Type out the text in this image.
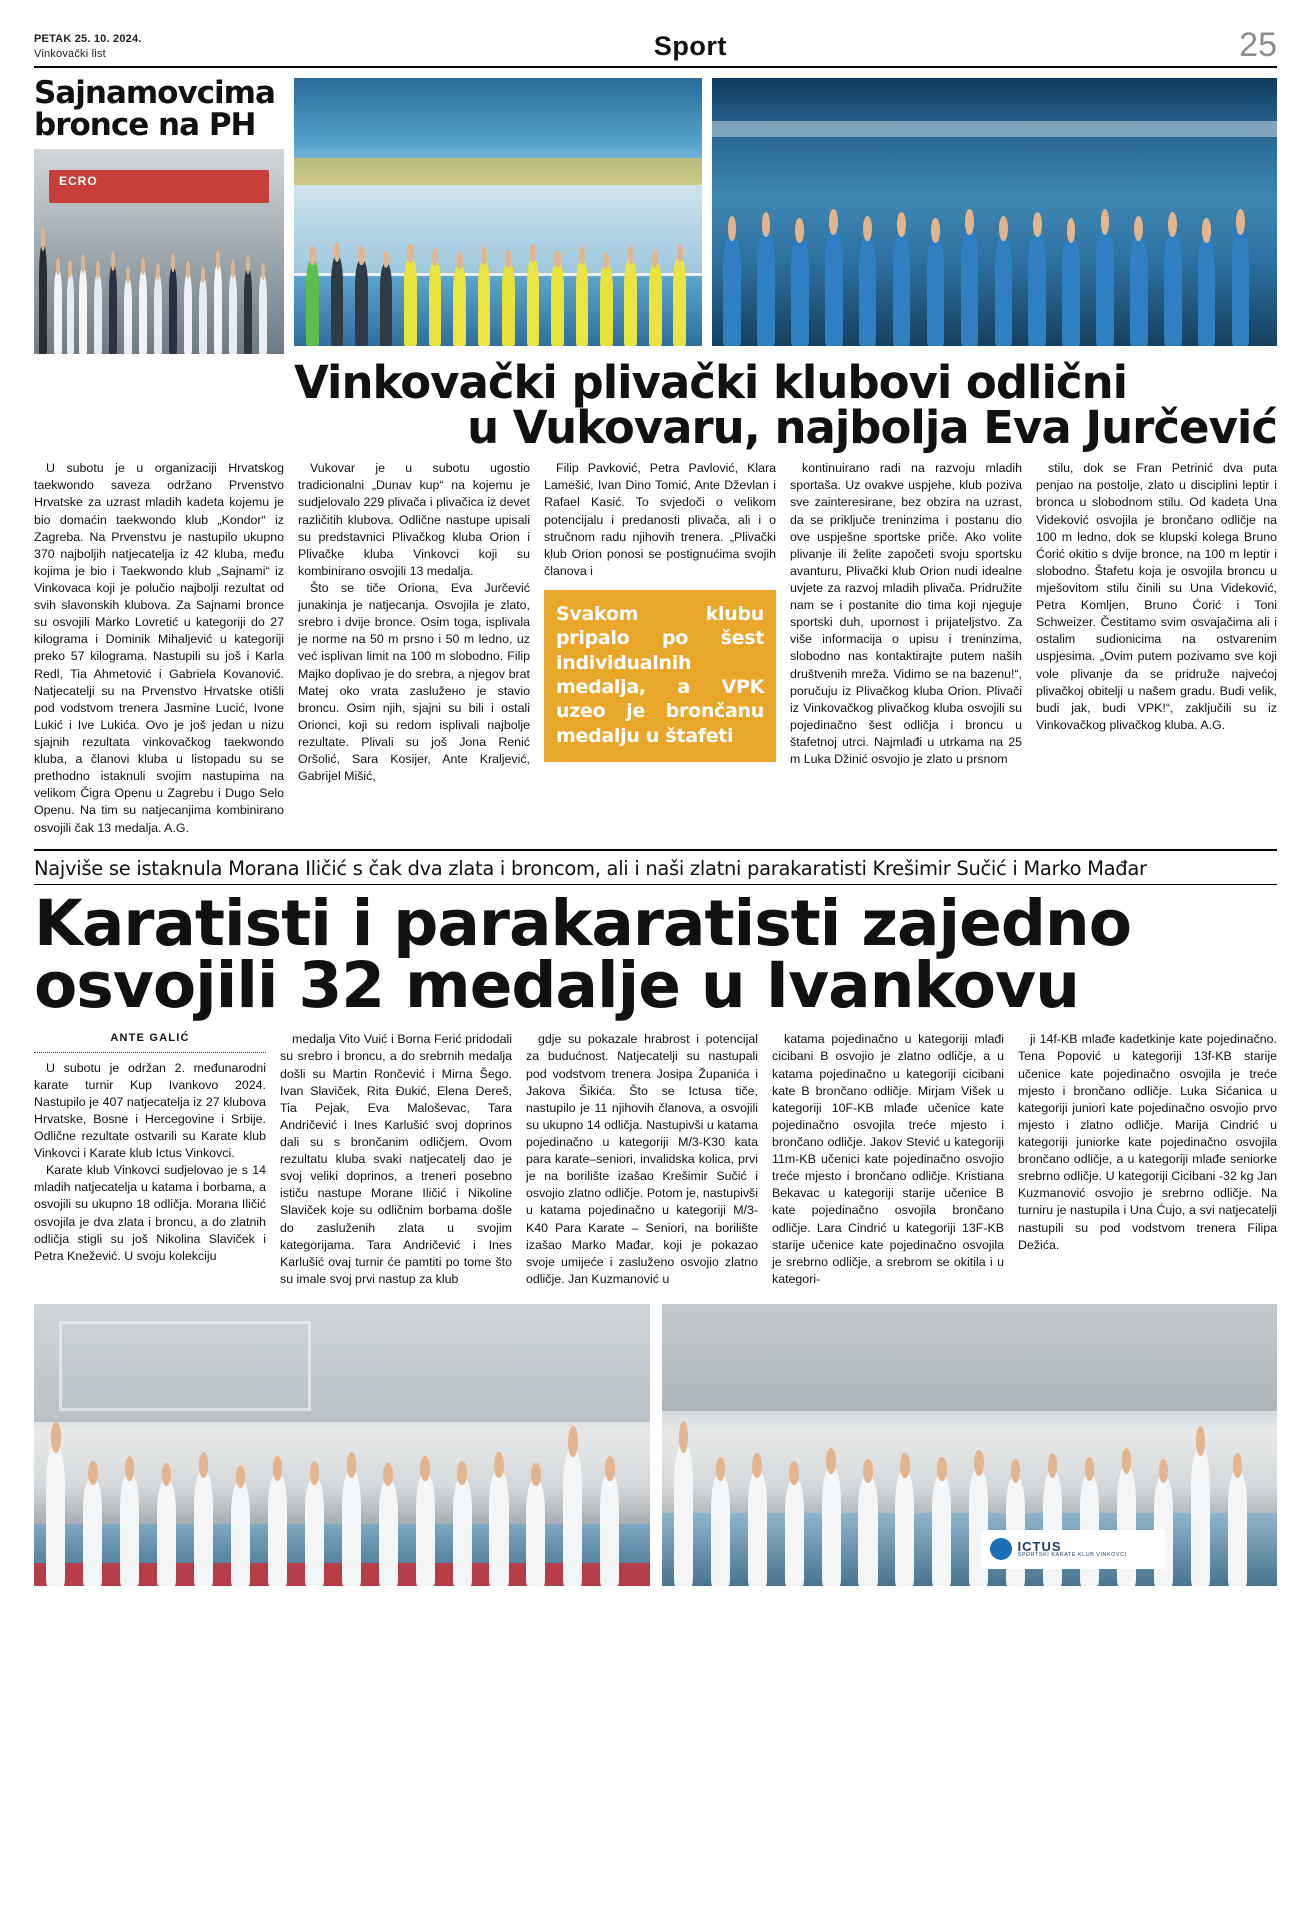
PETAK 25. 10. 2024.
Vinkovački list	Sport	25
Sajnamovcima
bronce na PH
ECRO
Vinkovački plivački klubovi odlični
u Vukovaru, najbolja Eva Jurčević

U subotu je u organizaciji Hrvatskog taekwondo saveza održano Prvenstvo Hrvatske za uzrast mladih kadeta kojemu je bio domaćin taekwondo klub „Kondor“ iz Zagreba. Na Prvenstvu je nastupilo ukupno 370 najboljih natjecatelja iz 42 kluba, među kojima je bio i Taekwondo klub „Sajnami“ iz Vinkovaca koji je polučio najbolji rezultat od svih slavonskih klubova. Za Sajnami bronce su osvojili Marko Lovretić u kategoriji do 27 kilograma i Dominik Mihaljević u kategoriji preko 57 kilograma. Nastupili su još i Karla Redl, Tia Ahmetović i Gabriela Kovanović. Natjecatelji su na Prvenstvo Hrvatske otišli pod vodstvom trenera Jasmine Lucić, Ivone Lukić i Ive Lukića. Ovo je još jedan u nizu sjajnih rezultata vinkovačkog taekwondo kluba, a članovi kluba u listopadu su se prethodno istaknuli svojim nastupima na velikom Čigra Openu u Zagrebu i Dugo Selo Openu. Na tim su natjecanjima kombinirano osvojili čak 13 medalja. A.G.

Vukovar je u subotu ugostio tradicionalni „Dunav kup“ na kojemu je sudjelovalo 229 plivača i plivačica iz devet različitih klubova. Odlične nastupe upisali su predstavnici Plivačkog kluba Orion i Plivačke kluba Vinkovci koji su kombinirano osvojili 13 medalja.

Što se tiče Oriona, Eva Jurčević junakinja je natjecanja. Osvojila je zlato, srebro i dvije bronce. Osim toga, isplivala je norme na 50 m prsno i 50 m ledno, uz već isplivan limit na 100 m slobodno. Filip Majko doplivao je do srebra, a njegov brat Matej oko vrata zaslužено je stavio broncu. Osim njih, sjajni su bili i ostali Orionci, koji su redom isplivali najbolje rezultate. Plivali su još Jona Renić Oršolić, Sara Kosijer, Ante Kraljević, Gabrijel Mišić,

Filip Pavković, Petra Pavlović, Klara Lamešić, Ivan Dino Tomić, Ante Dževlan i Rafael Kasić. To svjedoči o velikom potencijalu i predanosti plivača, ali i o stručnom radu njihovih trenera. „Plivački klub Orion ponosi se postignućima svojih članova i

Svakom klubu pripalo po šest individualnih medalja, a VPK uzeo je brončanu medalju u štafeti

kontinuirano radi na razvoju mladih sportaša. Uz ovakve uspjehe, klub poziva sve zainteresirane, bez obzira na uzrast, da se priključe treninzima i postanu dio ove uspješne sportske priče. Ako volite plivanje ili želite započeti svoju sportsku avanturu, Plivački klub Orion nudi idealne uvjete za razvoj mladih plivača. Pridružite nam se i postanite dio tima koji njeguje sportski duh, upornost i prijateljstvo. Za više informacija o upisu i treninzima, slobodno nas kontaktirajte putem naših društvenih mreža. Vidimo se na bazenu!“, poručuju iz Plivačkog kluba Orion. Plivači iz Vinkovačkog plivačkog kluba osvojili su pojedinačno šest odličja i broncu u štafetnoj utrci. Najmlađi u utrkama na 25 m Luka Džinić osvojio je zlato u prsnom

stilu, dok se Fran Petrinić dva puta penjao na postolje, zlato u disciplini leptir i bronca u slobodnom stilu. Od kadeta Una Videković osvojila je brončano odličje na 100 m ledno, dok se klupski kolega Bruno Ćorić okitio s dvije bronce, na 100 m leptir i slobodno. Štafetu koja je osvojila broncu u mješovitom stilu činili su Una Videković, Petra Komljen, Bruno Ćorić i Toni Schweizer. Čestitamo svim osvajačima ali i ostalim sudionicima na ostvarenim uspjesima. „Ovim putem pozivamo sve koji vole plivanje da se pridruže najvećoj plivačkoj obitelji u našem gradu. Budi velik, budi jak, budi VPK!“, zaključili su iz Vinkovačkog plivačkog kluba. A.G.

Najviše se istaknula Morana Iličić s čak dva zlata i broncom, ali i naši zlatni parakaratisti Krešimir Sučić i Marko Mađar
Karatisti i parakaratisti zajedno
osvojili 32 medalje u Ivankovu
ANTE GALIĆ

U subotu je održan 2. međunarodni karate turnir Kup Ivankovo 2024. Nastupilo je 407 natjecatelja iz 27 klubova Hrvatske, Bosne i Hercegovine i Srbije. Odlične rezultate ostvarili su Karate klub Vinkovci i Karate klub Ictus Vinkovci.

Karate klub Vinkovci sudjelovao je s 14 mladih natjecatelja u katama i borbama, a osvojili su ukupno 18 odličja. Morana Iličić osvojila je dva zlata i broncu, a do zlatnih odličja stigli su još Nikolina Slaviček i Petra Knežević. U svoju kolekciju

medalja Vito Vuić i Borna Ferić pridodali su srebro i broncu, a do srebrnih medalja došli su Martin Rončević i Mirna Šego. Ivan Slaviček, Rita Đukić, Elena Dereš, Tia Pejak, Eva Maloševac, Tara Andričević i Ines Karlušić svoj doprinos dali su s brončanim odličjem. Ovom rezultatu kluba svaki natjecatelj dao je svoj veliki doprinos, a treneri posebno ističu nastupe Morane Iličić i Nikoline Slaviček koje su odličnim borbama došle do zasluženih zlata u svojim kategorijama. Tara Andričević i Ines Karlušić ovaj turnir će pamtiti po tome što su imale svoj prvi nastup za klub

gdje su pokazale hrabrost i potencijal za budućnost. Natjecatelji su nastupali pod vodstvom trenera Josipa Županića i Jakova Šikića. Što se Ictusa tiče, nastupilo je 11 njihovih članova, a osvojili su ukupno 14 odličja. Nastupivši u katama pojedinačno u kategoriji M/3-K30 kata para karate–seniori, invalidska kolica, prvi je na borilište izašao Krešimir Sučić i osvojio zlatno odličje. Potom je, nastupivši u katama pojedinačno u kategoriji M/3-K40 Para Karate – Seniori, na borilište izašao Marko Mađar, koji je pokazao svoje umijeće i zasluženo osvojio zlatno odličje. Jan Kuzmanović u

katama pojedinačno u kategoriji mlađi cicibani B osvojio je zlatno odličje, a u katama pojedinačno u kategoriji cicibani kate B brončano odličje. Mirjam Višek u kategoriji 10F-KB mlađe učenice kate pojedinačno osvojila treće mjesto i brončano odličje. Jakov Stević u kategoriji 11m-KB učenici kate pojedinačno osvojio treće mjesto i brončano odličje. Kristiana Bekavac u kategoriji starije učenice B kate pojedinačno osvojila brončano odličje. Lara Cindrić u kategoriji 13F-KB starije učenice kate pojedinačno osvojila je srebrno odličje, a srebrom se okitila i u kategori-

ji 14f-KB mlađe kadetkinje kate pojedinačno. Tena Popović u kategoriji 13f-KB starije učenice kate pojedinačno osvojila je treće mjesto i brončano odličje. Luka Sićanica u kategoriji juniori kate pojedinačno osvojio prvo mjesto i zlatno odličje. Marija Cindrić u kategoriji juniorke kate pojedinačno osvojila brončano odličje, a u kategoriji mlađe seniorke srebrno odličje. U kategoriji Cicibani -32 kg Jan Kuzmanović osvojio je srebrno odličje. Na turniru je nastupila i Una Ćujo, a svi natjecatelji nastupili su pod vodstvom trenera Filipa Dežića.

ICTUS
SPORTSKI KARATE KLUB VINKOVCI
